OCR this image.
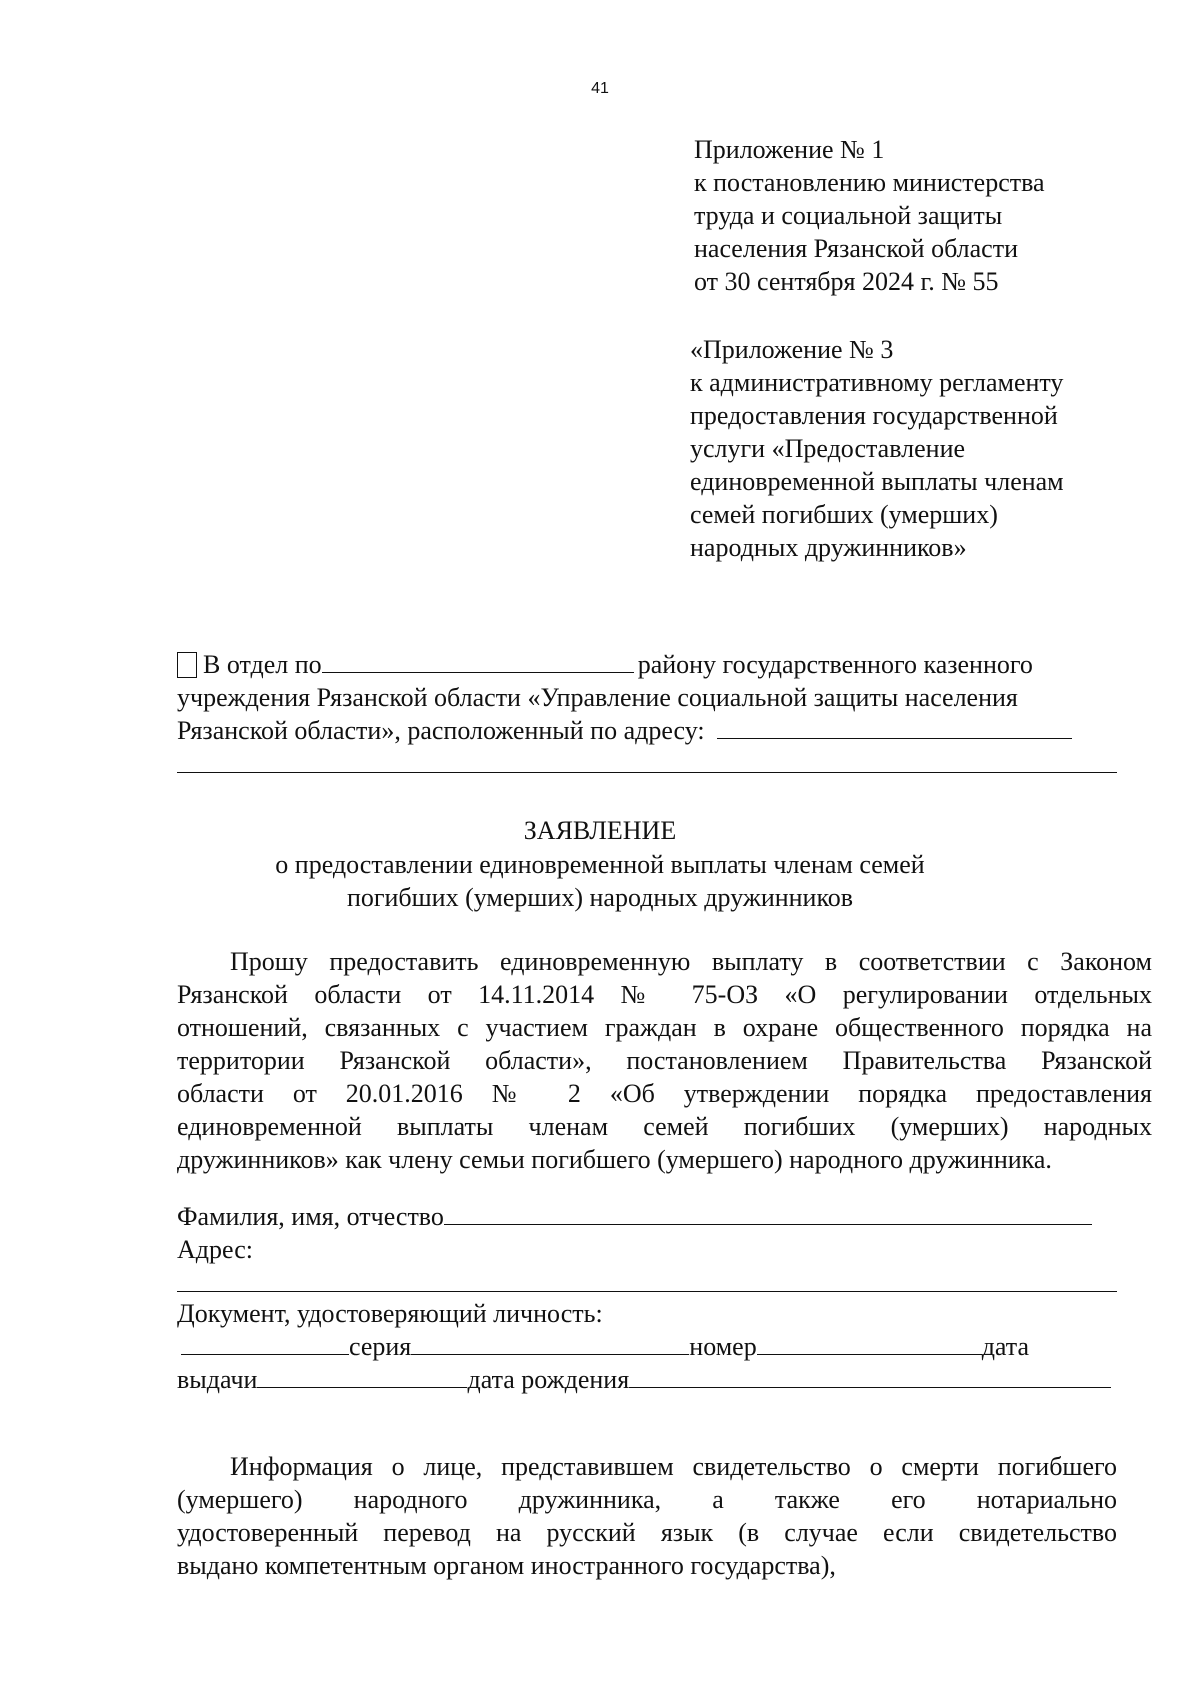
41
Приложение № 1
к постановлению министерства
труда и социальной защиты
населения Рязанской области
от 30 сентября 2024 г. № 55
«Приложение № 3
к административному регламенту
предоставления государственной
услуги «Предоставление
единовременной выплаты членам
семей погибших (умерших)
народных дружинников»
В отдел по	району государственного казенного
учреждения Рязанской области «Управление социальной защиты населения
Рязанской области», расположенный по адресу:
ЗАЯВЛЕНИЕ
о предоставлении единовременной выплаты членам семей
погибших (умерших) народных дружинников
Прошу предоставить единовременную выплату в соответствии с Законом
Рязанской области от 14.11.2014 № 75-ОЗ «О регулировании отдельных
отношений, связанных с участием граждан в охране общественного порядка на
территории Рязанской области», постановлением Правительства Рязанской
области от 20.01.2016 № 2 «Об утверждении порядка предоставления
единовременной выплаты членам семей погибших (умерших) народных
дружинников» как члену семьи погибшего (умершего) народного дружинника.
Фамилия, имя, отчество
Адрес:
Документ, удостоверяющий личность:
серия	номер	дата
выдачи	дата рождения
Информация о лице, представившем свидетельство о смерти погибшего
(умершего) народного дружинника, а также его нотариально
удостоверенный перевод на русский язык (в случае если свидетельство
выдано компетентным органом иностранного государства),
